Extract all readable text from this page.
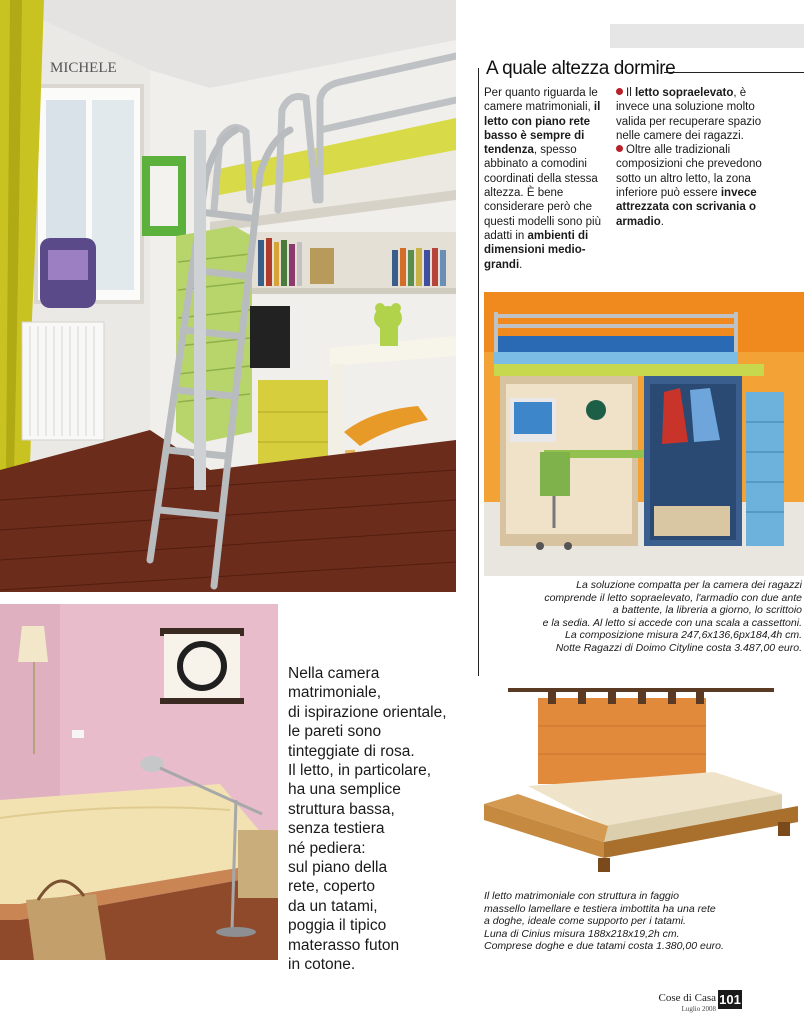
MICHELE	A quale altezza dormire
Per quanto riguarda le camere matrimoniali, il letto con piano rete basso è sempre di tendenza, spesso abbinato a comodini coordinati della stessa altezza. È bene considerare però che questi modelli sono più adatti in ambienti di dimensioni medio-grandi.
Il letto sopraelevato, è invece una soluzione molto valida per recuperare spazio nelle camere dei ragazzi.
Oltre alle tradizionali composizioni che prevedono sotto un altro letto, la zona inferiore può essere invece attrezzata con scrivania o armadio.
La soluzione compatta per la camera dei ragazzi
comprende il letto sopraelevato, l'armadio con due ante
a battente, la libreria a giorno, lo scrittoio
e la sedia. Al letto si accede con una scala a cassettoni.
La composizione misura 247,6x136,6px184,4h cm.
Notte Ragazzi di Doimo Cityline costa 3.487,00 euro.
Il letto matrimoniale con struttura in faggio
massello lamellare e testiera imbottita ha una rete
a doghe, ideale come supporto per i tatami.
Luna di Cinius misura 188x218x19,2h cm.
Comprese doghe e due tatami costa 1.380,00 euro.
Nella camera
matrimoniale,
di ispirazione orientale,
le pareti sono
tinteggiate di rosa.
Il letto, in particolare,
ha una semplice
struttura bassa,
senza testiera
né pediera:
sul piano della
rete, coperto
da un tatami,
poggia il tipico
materasso futon
in cotone.
Cose di Casa
Luglio 2008
101
